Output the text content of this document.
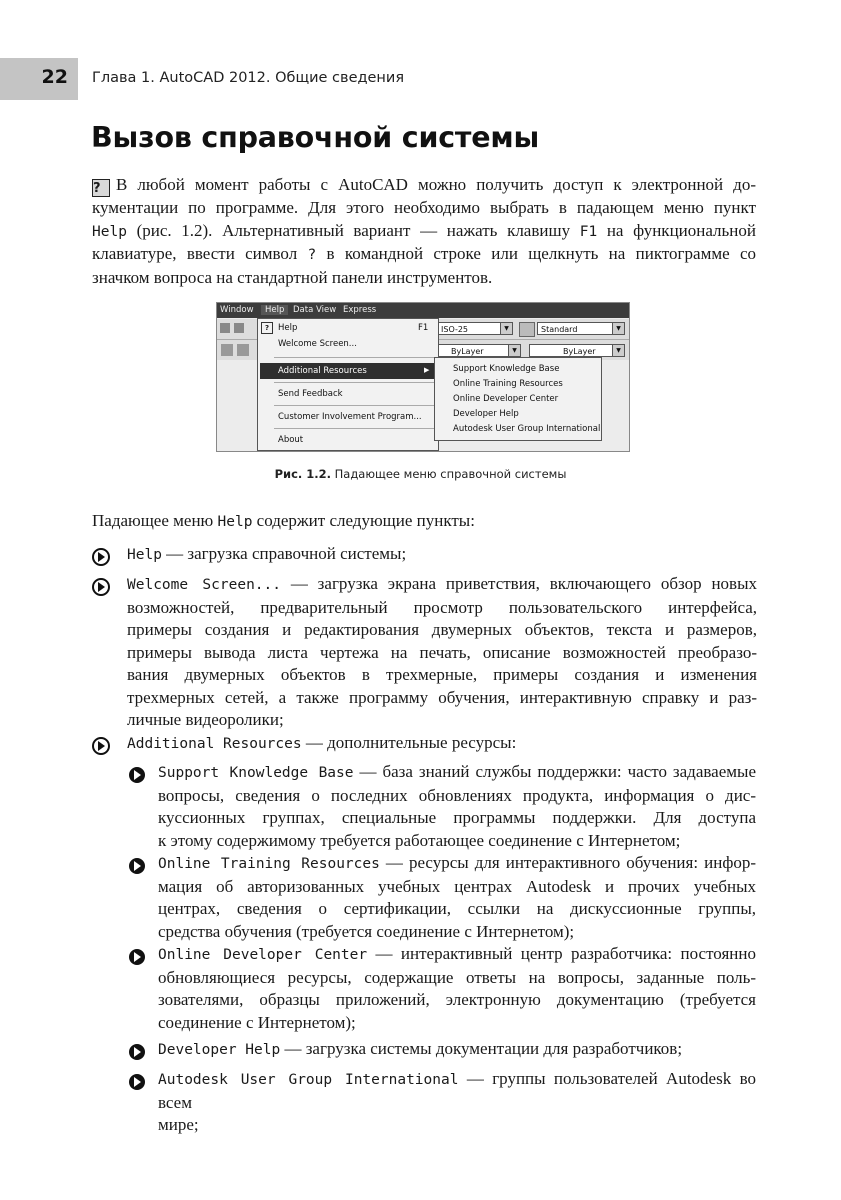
22 Глава 1. AutoCAD 2012. Общие сведения
Вызов справочной системы
? В любой момент работы с AutoCAD можно получить доступ к электронной до-
кументации по программе. Для этого необходимо выбрать в падающем меню пункт
Help (рис. 1.2). Альтернативный вариант — нажать клавишу F1 на функциональной
клавиатуре, ввести символ ? в командной строке или щелкнуть на пиктограмме со
значком вопроса на стандартной панели инструментов.
Window	Help	Data View Express
ISO-25	▼	Standard	▼
ByLayer	▼	ByLayer	▼
?	Help	F1
Welcome Screen...
Additional Resources	▶
Send Feedback
Customer Involvement Program...
About
Support Knowledge Base
Online Training Resources
Online Developer Center
Developer Help
Autodesk User Group International
Рис. 1.2. Падающее меню справочной системы
Падающее меню Help содержит следующие пункты:
Help — загрузка справочной системы;
Welcome Screen... — загрузка экрана приветствия, включающего обзор новых
возможностей, предварительный просмотр пользовательского интерфейса,
примеры создания и редактирования двумерных объектов, текста и размеров,
примеры вывода листа чертежа на печать, описание возможностей преобразо-
вания двумерных объектов в трехмерные, примеры создания и изменения
трехмерных сетей, а также программу обучения, интерактивную справку и раз-
личные видеоролики;
Additional Resources — дополнительные ресурсы:
Support Knowledge Base — база знаний службы поддержки: часто задаваемые
вопросы, сведения о последних обновлениях продукта, информация о дис-
куссионных группах, специальные программы поддержки. Для доступа
к этому содержимому требуется работающее соединение с Интернетом;
Online Training Resources — ресурсы для интерактивного обучения: инфор-
мация об авторизованных учебных центрах Autodesk и прочих учебных
центрах, сведения о сертификации, ссылки на дискуссионные группы,
средства обучения (требуется соединение с Интернетом);
Online Developer Center — интерактивный центр разработчика: постоянно
обновляющиеся ресурсы, содержащие ответы на вопросы, заданные поль-
зователями, образцы приложений, электронную документацию (требуется
соединение с Интернетом);
Developer Help — загрузка системы документации для разработчиков;
Autodesk User Group International — группы пользователей Autodesk во всем
мире;
